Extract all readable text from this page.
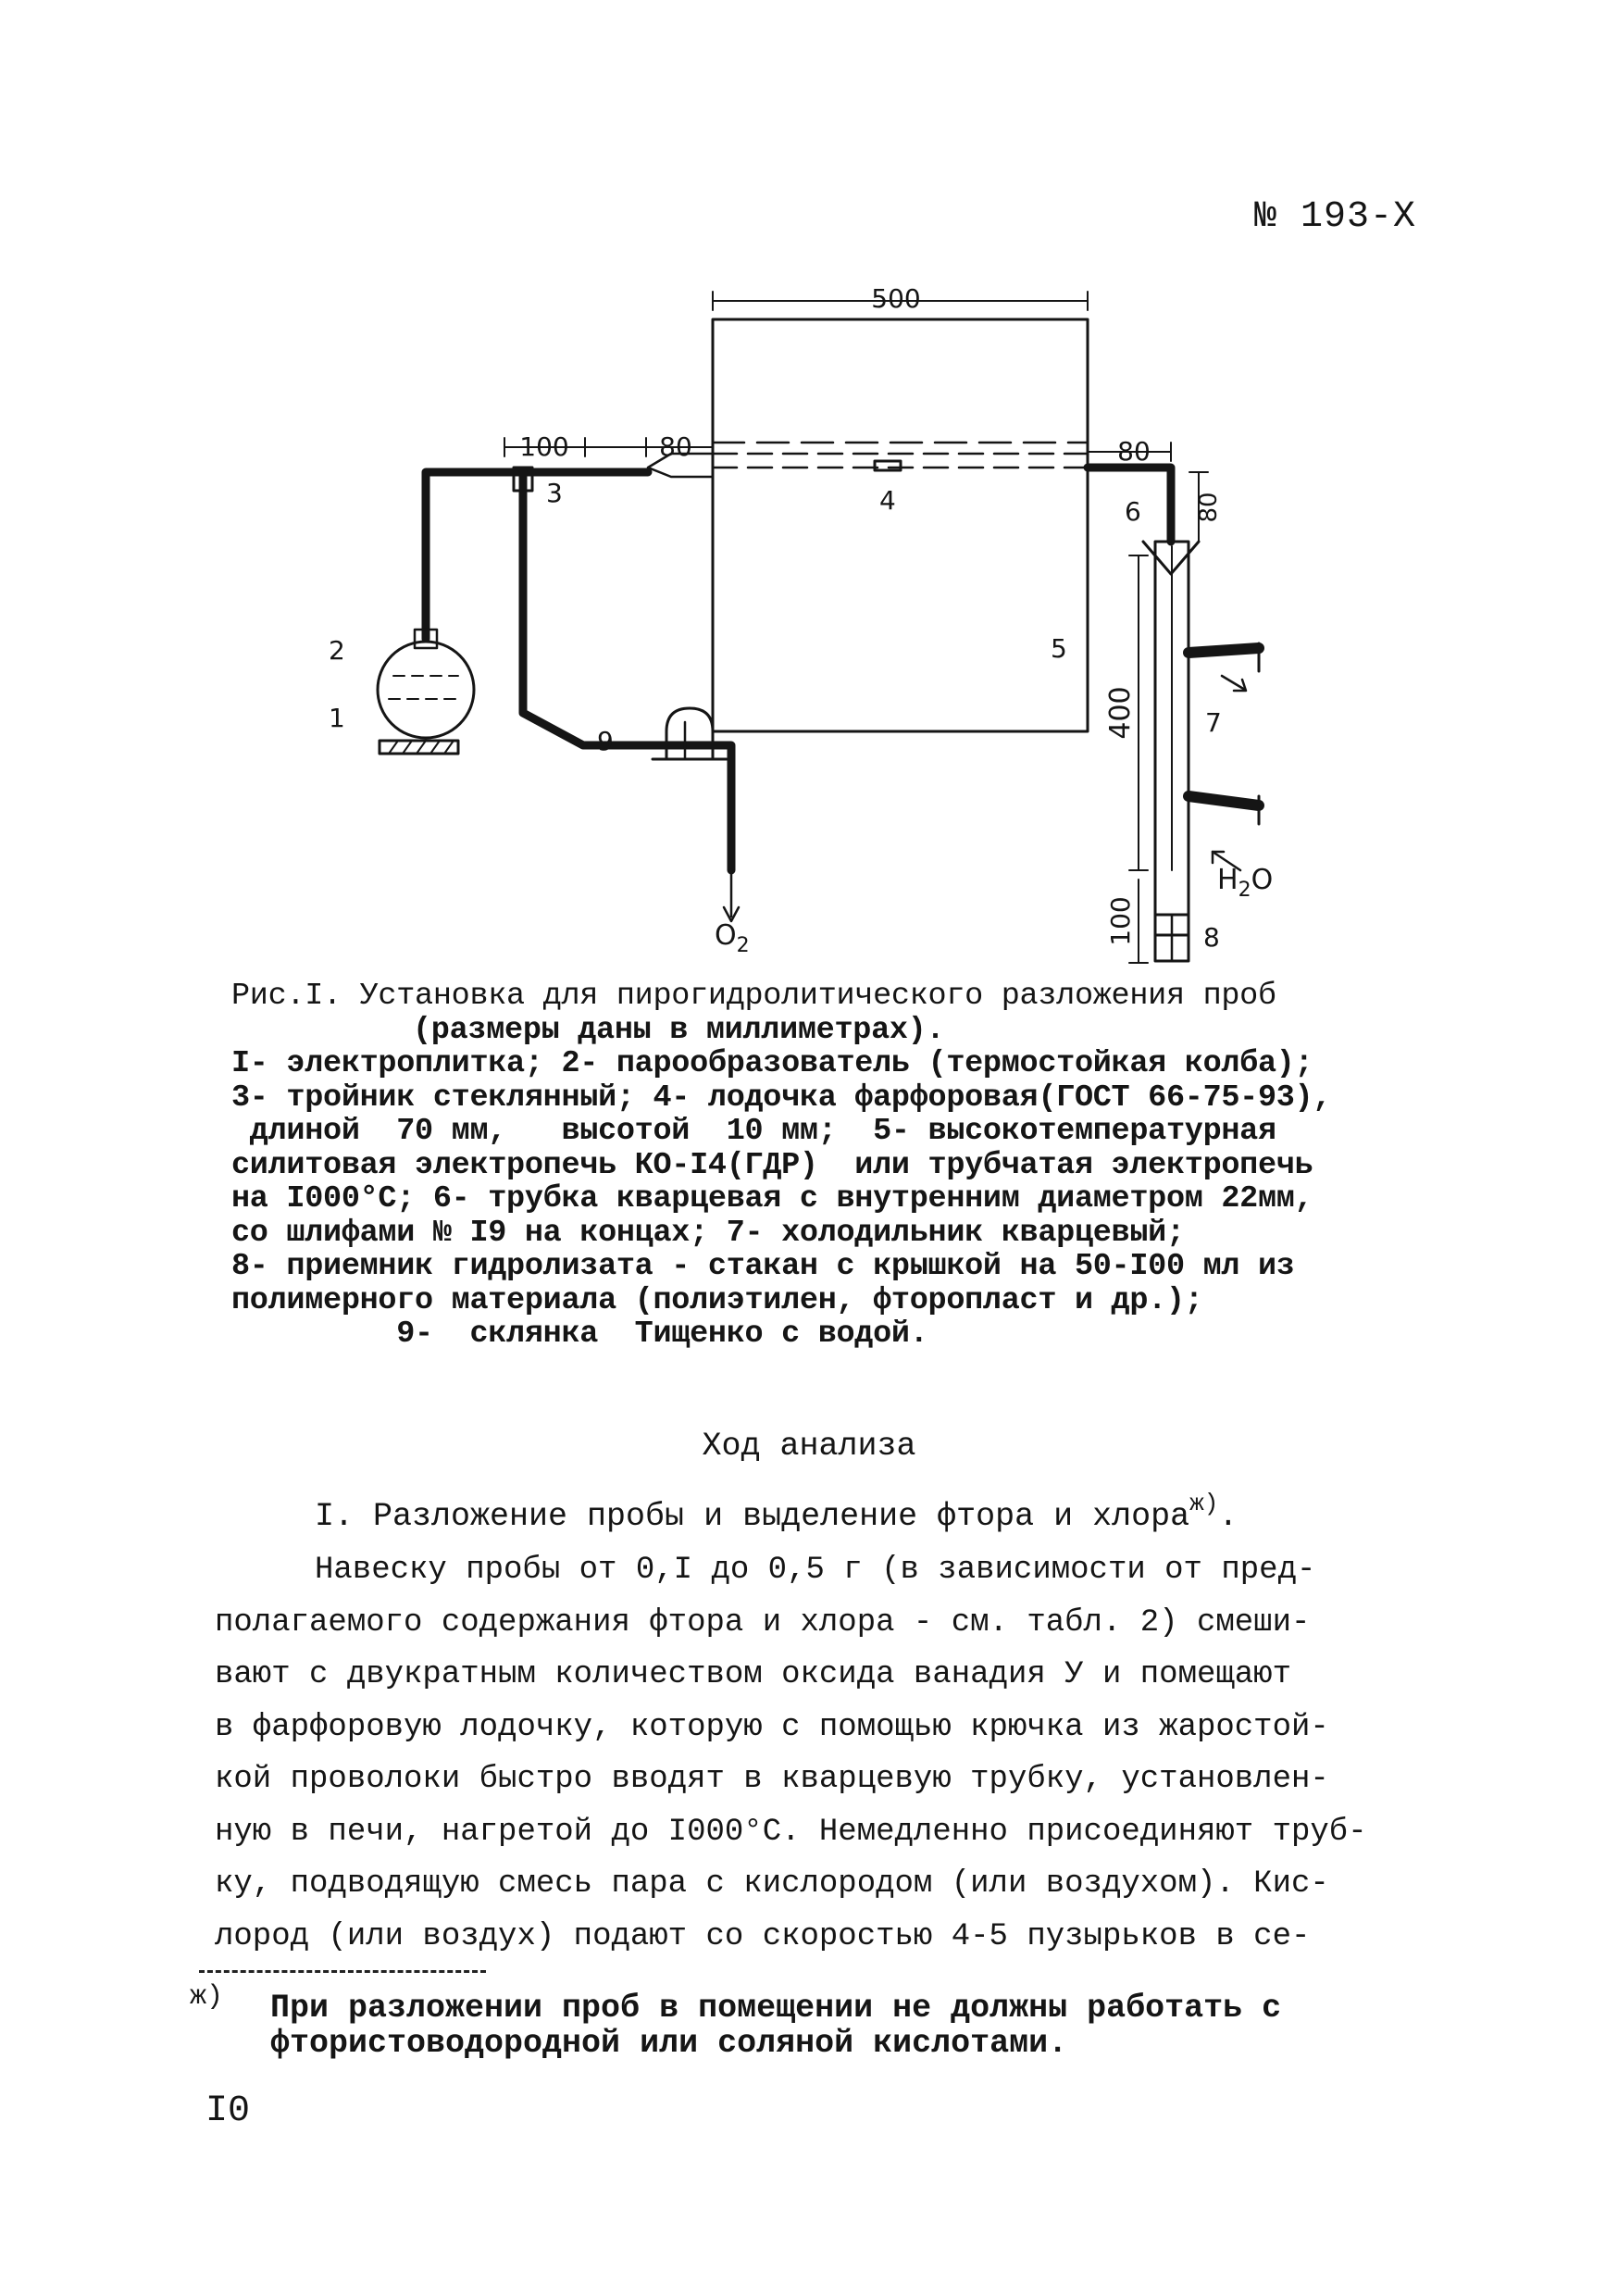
№ 193-X
500
100	80	80
80
400
100
1
2
3	4
5
6
7
8
9
$O_2$
$H_2O$
Рис.I. Установка для пирогидролитического разложения проб
(размеры даны в миллиметрах).
I- электроплитка; 2- парообразователь (термостойкая колба);
3- тройник стеклянный; 4- лодочка фарфоровая(ГОСТ 66-75-93),
длиной  70 мм,   высотой  10 мм;  5- высокотемпературная
силитовая электропечь КО-I4(ГДР)  или трубчатая электропечь
на I000°С; 6- трубка кварцевая с внутренним диаметром 22мм,
со шлифами № I9 на концах; 7- холодильник кварцевый;
8- приемник гидролизата - стакан с крышкой на 50-I00 мл из
полимерного материала (полиэтилен, фторопласт и др.);
9-  склянка  Тищенко с водой.
Ход анализа
I. Разложение пробы и выделение фтора и хлора$^{ж)}$.
Навеску пробы от 0,I до 0,5 г (в зависимости от пред-
полагаемого содержания фтора и хлора - см. табл. 2) смеши-
вают с двукратным количеством оксида ванадия У и помещают
в фарфоровую лодочку, которую с помощью крючка из жаростой-
кой проволоки быстро вводят в кварцевую трубку, установлен-
ную в печи, нагретой до I000°С. Немедленно присоединяют труб-
ку, подводящую смесь пара с кислородом (или воздухом). Кис-
лород (или воздух) подают со скоростью 4-5 пузырьков в се-
ж) При разложении проб в помещении не должны работать с
фтористоводородной или соляной кислотами.
I0
